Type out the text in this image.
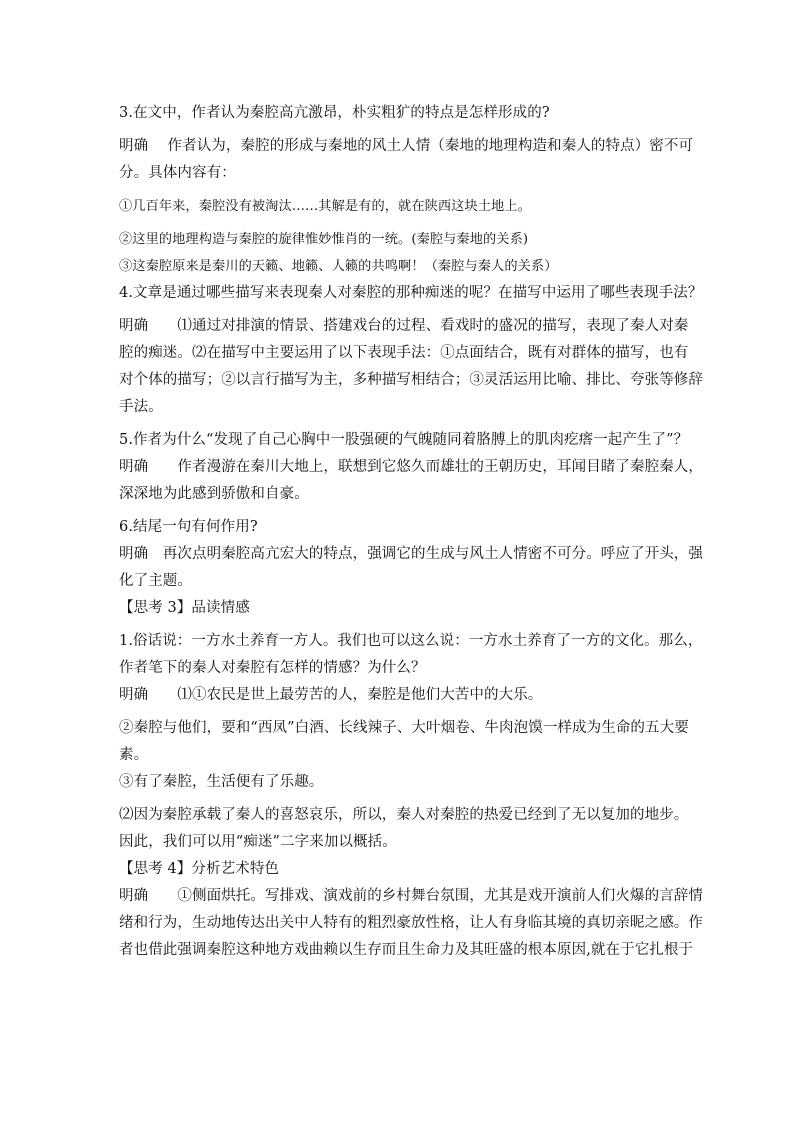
3.在文中，作者认为秦腔高亢激昂，朴实粗犷的特点是怎样形成的?
明确　 作者认为，秦腔的形成与秦地的风土人情（秦地的地理构造和秦人的特点）密不可
分。具体内容有：
①几百年来，秦腔没有被淘汰……其解是有的，就在陕西这块土地上。
②这里的地理构造与秦腔的旋律惟妙惟肖的一统。(秦腔与秦地的关系)
③这秦腔原来是秦川的天籁、地籁、人籁的共鸣啊！（秦腔与秦人的关系）
4.文章是通过哪些描写来表现秦人对秦腔的那种痴迷的呢？在描写中运用了哪些表现手法？
明确　　⑴通过对排演的情景、搭建戏台的过程、看戏时的盛况的描写，表现了秦人对秦
腔的痴迷。⑵在描写中主要运用了以下表现手法：①点面结合，既有对群体的描写，也有
对个体的描写；②以言行描写为主，多种描写相结合；③灵活运用比喻、排比、夸张等修辞
手法。
5.作者为什么“发现了自己心胸中一股强硬的气魄随同着胳膊上的肌肉疙瘩一起产生了”？
明确　　作者漫游在秦川大地上，联想到它悠久而雄壮的王朝历史，耳闻目睹了秦腔秦人，
深深地为此感到骄傲和自豪。
6.结尾一句有何作用?
明确　再次点明秦腔高亢宏大的特点，强调它的生成与风土人情密不可分。呼应了开头，强
化了主题。
【思考 3】品读情感
1.俗话说：一方水土养育一方人。我们也可以这么说：一方水土养育了一方的文化。那么，
作者笔下的秦人对秦腔有怎样的情感？为什么？
明确　　⑴①农民是世上最劳苦的人，秦腔是他们大苦中的大乐。
②秦腔与他们，要和“西凤”白酒、长线辣子、大叶烟卷、牛肉泡馍一样成为生命的五大要
素。
③有了秦腔，生活便有了乐趣。
⑵因为秦腔承载了秦人的喜怒哀乐，所以，秦人对秦腔的热爱已经到了无以复加的地步。
因此，我们可以用“痴迷”二字来加以概括。
【思考 4】分析艺术特色
明确　　①侧面烘托。写排戏、演戏前的乡村舞台氛围，尤其是戏开演前人们火爆的言辞情
绪和行为，生动地传达出关中人特有的粗烈豪放性格，让人有身临其境的真切亲昵之感。作
者也借此强调秦腔这种地方戏曲赖以生存而且生命力及其旺盛的根本原因,就在于它扎根于
